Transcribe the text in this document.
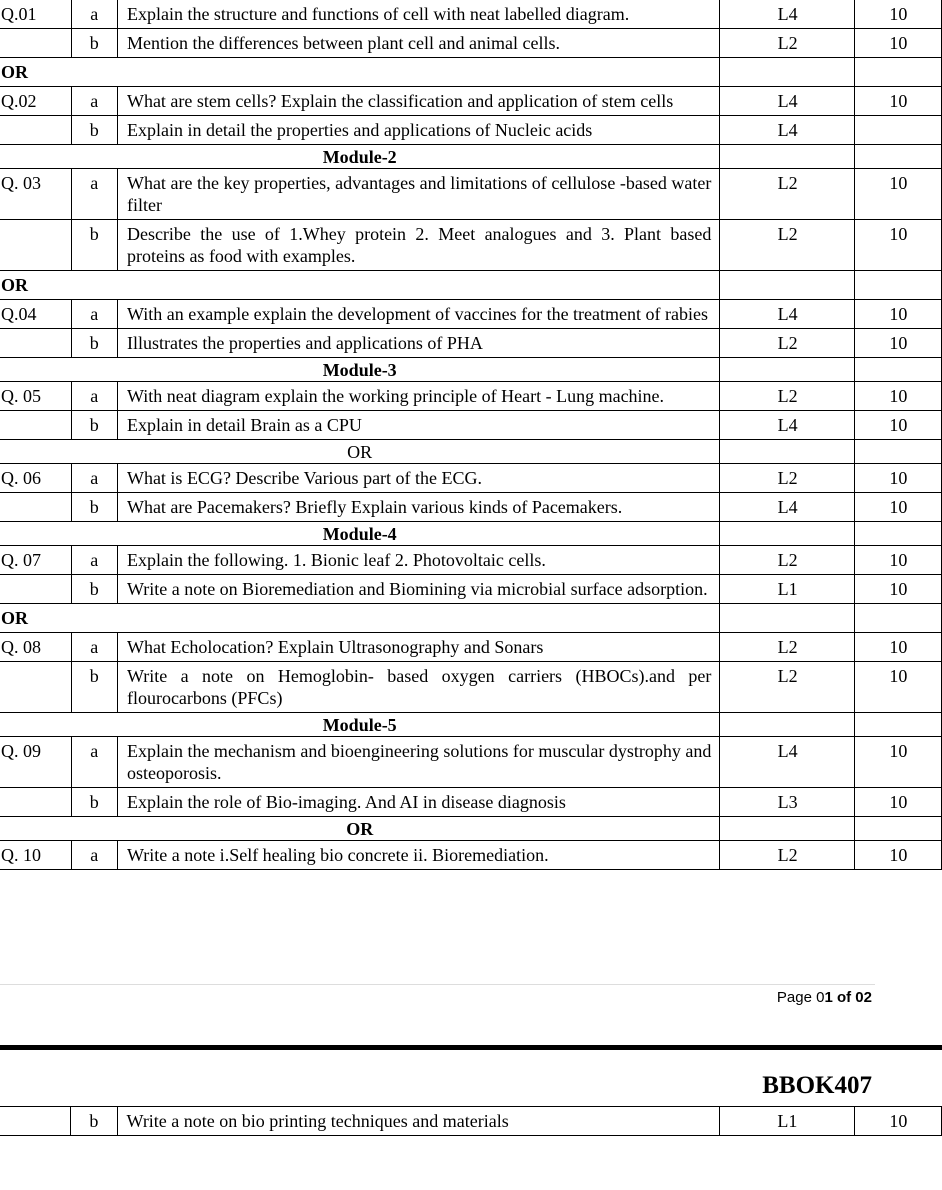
Q.01	a	Explain the structure and functions of cell with neat labelled diagram.	L4	10
	b	Mention the differences between plant cell and animal cells.	L2	10
OR				
Q.02	a	What are stem cells? Explain the classification and application of stem cells	L4	10
	b	Explain in detail the properties and applications of Nucleic acids	L4	
Module-2				
Q. 03	a	What are the key properties, advantages and limitations of cellulose -based water filter	L2	10
	b	Describe the use of 1.Whey protein 2. Meet analogues and 3. Plant based proteins as food with examples.	L2	10
OR				
Q.04	a	With an example explain the development of vaccines for the treatment of rabies	L4	10
	b	Illustrates the properties and applications of PHA	L2	10
Module-3				
Q. 05	a	With neat diagram explain the working principle of Heart - Lung machine.	L2	10
	b	Explain in detail Brain as a CPU	L4	10
OR				
Q. 06	a	What is ECG? Describe Various part of the ECG.	L2	10
	b	What are Pacemakers? Briefly Explain various kinds of Pacemakers.	L4	10
Module-4				
Q. 07	a	Explain the following. 1. Bionic leaf 2. Photovoltaic cells.	L2	10
	b	Write a note on Bioremediation and Biomining via microbial surface adsorption.	L1	10
OR				
Q. 08	a	What Echolocation? Explain Ultrasonography and Sonars	L2	10
	b	Write a note on Hemoglobin- based oxygen carriers (HBOCs).and per flourocarbons (PFCs)	L2	10
Module-5				
Q. 09	a	Explain the mechanism and bioengineering solutions for muscular dystrophy and osteoporosis.	L4	10
	b	Explain the role of Bio-imaging. And AI in disease diagnosis	L3	10
OR				
Q. 10	a	Write a note i.Self healing bio concrete ii. Bioremediation.	L2	10
Page 01 of 02
BBOK407
	b	Write a note on bio printing techniques and materials	L1	10
